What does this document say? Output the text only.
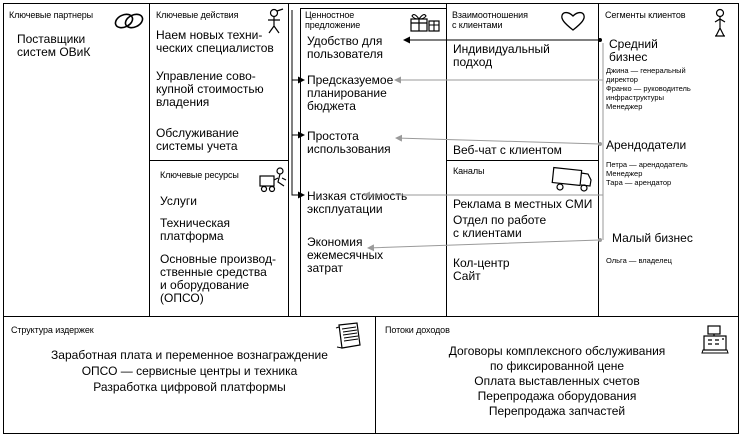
Ключевые партнеры
Поставщики
систем ОВиК
Ключевые действия
Наем новых техни-
ческих специалистов
Управление сово-
купной стоимостью
владения
Обслуживание
системы учета
Ключевые ресурсы
Услуги
Техническая
платформа
Основные производ-
ственные средства
и оборудование
(ОПСО)
Ценностное
предложение
Удобство для
пользователя
Предсказуемое
планирование
бюджета
Простота
использования
Низкая стоимость
эксплуатации
Экономия
ежемесячных
затрат
Взаимоотношения
с клиентами
Индивидуальный
подход
Веб-чат с клиентом
Каналы
Реклама в местных СМИ
Отдел по работе
с клиентами
Кол-центр
Сайт
Сегменты клиентов
Средний
бизнес
Джина — генеральный
директор
Франко — руководитель
инфраструктуры
Менеджер
Арендодатели
Петра — арендодатель
Менеджер
Тара — арендатор
Малый бизнес
Ольга — владелец
Структура издержек
Заработная плата и переменное вознаграждение
ОПСО — сервисные центры и техника
Разработка цифровой платформы
Потоки доходов
Договоры комплексного обслуживания
по фиксированной цене
Оплата выставленных счетов
Перепродажа оборудования
Перепродажа запчастей
